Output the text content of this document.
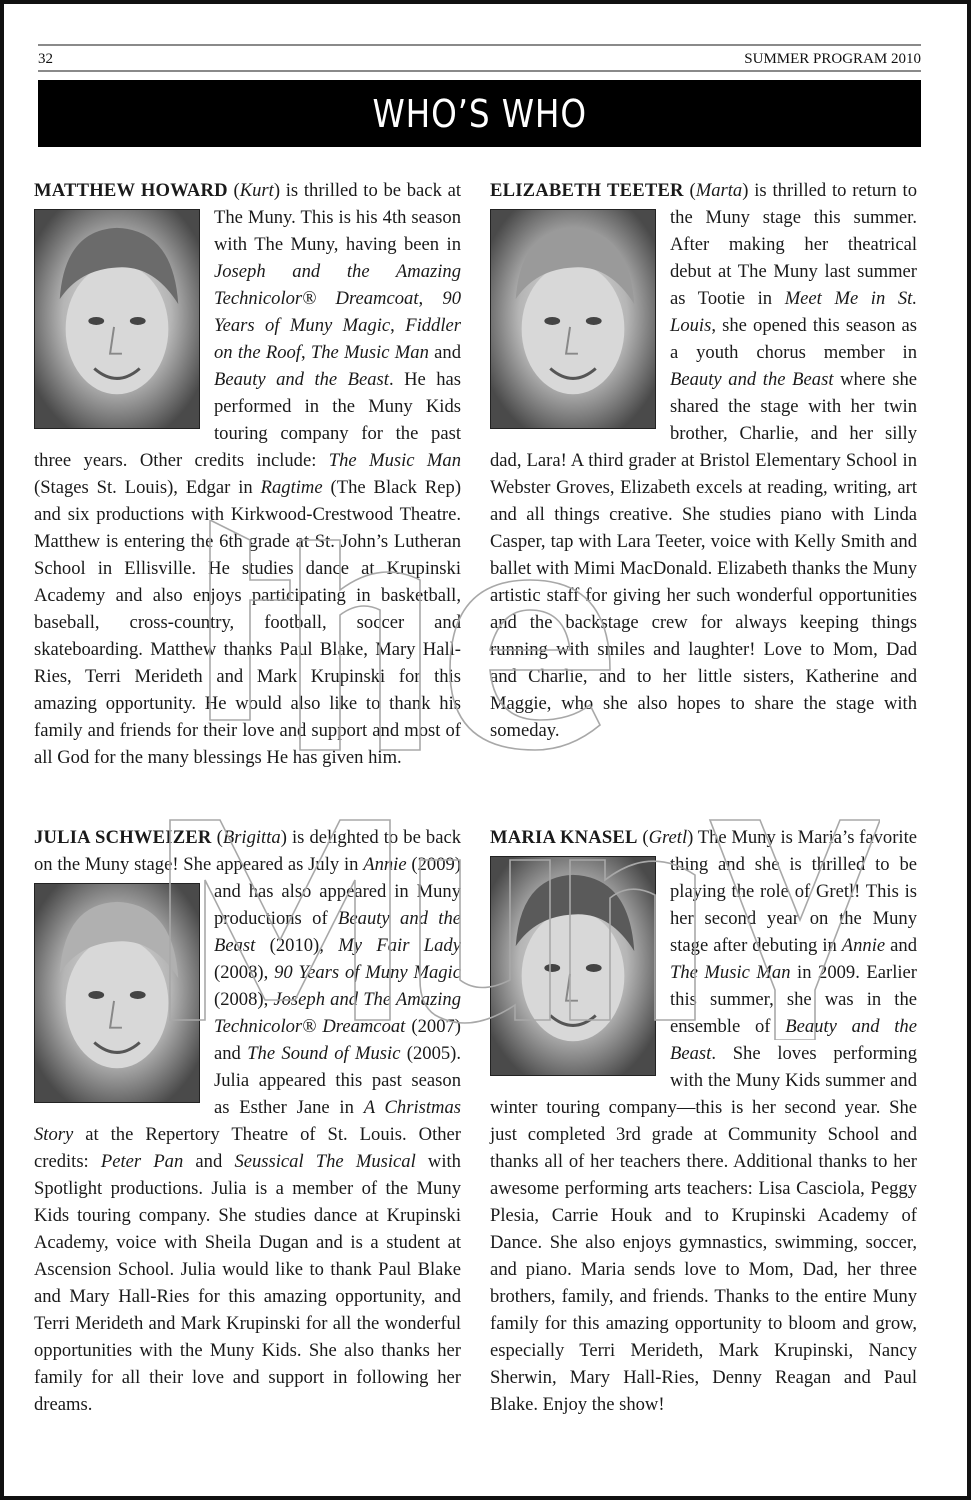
32	SUMMER PROGRAM 2010
WHO’S WHO

MATTHEW HOWARD (Kurt) is thrilled to be back at The Muny. This is his
4th season with The Muny, having been in Joseph and the Amazing Technicolor® Dreamcoat, 90 Years of Muny Magic, Fiddler on the Roof, The Music Man and Beauty and the Beast. He has performed in the Muny Kids touring company for the past three years. Other credits include: The Music Man (Stages St. Louis), Edgar in Ragtime (The Black Rep) and six productions with Kirkwood-Crestwood Theatre. Matthew is entering the 6th grade at St. John’s Lutheran School in Ellisville. He studies dance at Krupinski Academy and also enjoys participating in basketball, baseball, cross-country, football, soccer and skateboarding. Matthew thanks Paul Blake, Mary Hall-Ries, Terri Merideth and Mark Krupinski for this amazing opportunity. He would also like to thank his family and friends for their love and support and most of all God for the many blessings He has given him.

JULIA SCHWEIZER (Brigitta) is delighted to be back on the Muny stage! She appeared
as July in Annie (2009) and has also appeared in Muny productions of Beauty and the Beast (2010), My Fair Lady (2008), 90 Years of Muny Magic (2008), Joseph and The Amazing Technicolor® Dreamcoat (2007) and The Sound of Music (2005). Julia appeared this past season as Esther Jane in A Christmas Story at the Repertory Theatre of St. Louis. Other credits: Peter Pan and Seussical The Musical with Spotlight productions. Julia is a member of the Muny Kids touring company. She studies dance at Krupinski Academy, voice with Sheila Dugan and is a student at Ascension School. Julia would like to thank Paul Blake and Mary Hall-Ries for this amazing opportunity, and Terri Merideth and Mark Krupinski for all the wonderful opportunities with the Muny Kids. She also thanks her family for all their love and support in following her dreams.

ELIZABETH TEETER (Marta) is thrilled to return to the Muny stage this summer.
After making her theatrical debut at The Muny last summer as Tootie in Meet Me in St. Louis, she opened this season as a youth chorus member in Beauty and the Beast where she shared the stage with her twin brother, Charlie, and her silly dad, Lara! A third grader at Bristol Elementary School in Webster Groves, Elizabeth excels at reading, writing, art and all things creative. She studies piano with Linda Casper, tap with Lara Teeter, voice with Kelly Smith and ballet with Mimi MacDonald. Elizabeth thanks the Muny artistic staff for giving her such wonderful opportunities and the backstage crew for always keeping things running with smiles and laughter! Love to Mom, Dad and Charlie, and to her little sisters, Katherine and Maggie, who she also hopes to share the stage with someday.

MARIA KNASEL (Gretl) The Muny is Maria’s favorite thing and she is thrilled to
be playing the role of Gretl! This is her second year on the Muny stage after debuting in Annie and The Music Man in 2009. Earlier this summer, she was in the ensemble of Beauty and the Beast. She loves performing with the Muny Kids summer and winter touring company—this is her second year. She just completed 3rd grade at Community School and thanks all of her teachers there. Additional thanks to her awesome performing arts teachers: Lisa Casciola, Peggy Plesia, Carrie Houk and to Krupinski Academy of Dance. She also enjoys gymnastics, swimming, soccer, and piano. Maria sends love to Mom, Dad, her three brothers, family, and friends. Thanks to the entire Muny family for this amazing opportunity to bloom and grow, especially Terri Merideth, Mark Krupinski, Nancy Sherwin, Mary Hall-Ries, Denny Reagan and Paul Blake. Enjoy the show!
